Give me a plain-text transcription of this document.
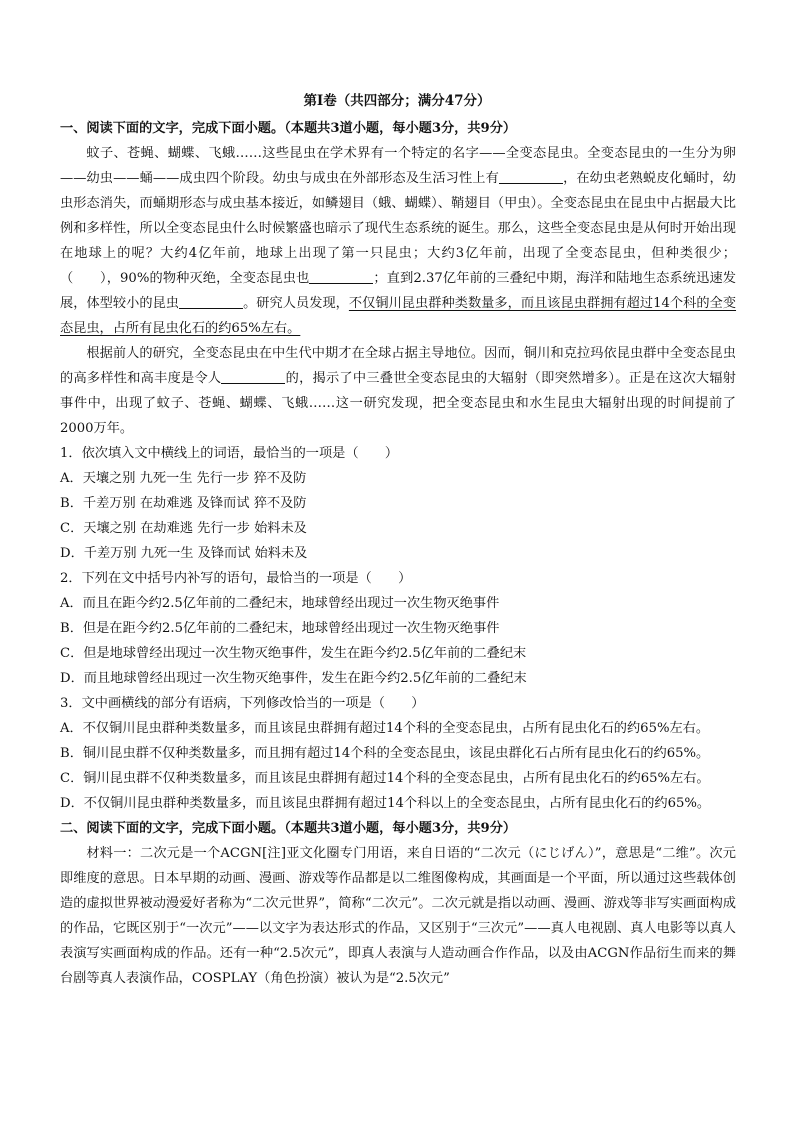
第Ⅰ卷（共四部分；满分47分）
一、阅读下面的文字，完成下面小题。（本题共3道小题，每小题3分，共9分）

蚊子、苍蝇、蝴蝶、飞蛾……这些昆虫在学术界有一个特定的名字——全变态昆虫。全变态昆虫的一生分为卵——幼虫——蛹——成虫四个阶段。幼虫与成虫在外部形态及生活习性上有	，在幼虫老熟蜕皮化蛹时，幼虫形态消失，而蛹期形态与成虫基本接近，如鳞翅目（蛾、蝴蝶）、鞘翅目（甲虫）。全变态昆虫在昆虫中占据最大比例和多样性，所以全变态昆虫什么时候繁盛也暗示了现代生态系统的诞生。那么，这些全变态昆虫是从何时开始出现在地球上的呢？大约4亿年前，地球上出现了第一只昆虫；大约3亿年前，出现了全变态昆虫，但种类很少；（　　），90%的物种灭绝，全变态昆虫也	；直到2.37亿年前的三叠纪中期，海洋和陆地生态系统迅速发展，体型较小的昆虫	。研究人员发现，不仅铜川昆虫群种类数量多，而且该昆虫群拥有超过14个科的全变态昆虫，占所有昆虫化石的约65%左右。

根据前人的研究，全变态昆虫在中生代中期才在全球占据主导地位。因而，铜川和克拉玛依昆虫群中全变态昆虫的高多样性和高丰度是令人	的，揭示了中三叠世全变态昆虫的大辐射（即突然增多）。正是在这次大辐射事件中，出现了蚊子、苍蝇、蝴蝶、飞蛾……这一研究发现，把全变态昆虫和水生昆虫大辐射出现的时间提前了2000万年。

1．依次填入文中横线上的词语，最恰当的一项是（　　）

A．天壤之别 九死一生 先行一步 猝不及防

B．千差万别 在劫难逃 及锋而试 猝不及防

C．天壤之别 在劫难逃 先行一步 始料未及

D．千差万别 九死一生 及锋而试 始料未及

2．下列在文中括号内补写的语句，最恰当的一项是（　　）

A．而且在距今约2.5亿年前的二叠纪末，地球曾经出现过一次生物灭绝事件

B．但是在距今约2.5亿年前的二叠纪末，地球曾经出现过一次生物灭绝事件

C．但是地球曾经出现过一次生物灭绝事件，发生在距今约2.5亿年前的二叠纪末

D．而且地球曾经出现过一次生物灭绝事件，发生在距今约2.5亿年前的二叠纪末

3．文中画横线的部分有语病，下列修改恰当的一项是（　　）

A．不仅铜川昆虫群种类数量多，而且该昆虫群拥有超过14个科的全变态昆虫，占所有昆虫化石的约65%左右。

B．铜川昆虫群不仅种类数量多，而且拥有超过14个科的全变态昆虫，该昆虫群化石占所有昆虫化石的约65%。

C．铜川昆虫群不仅种类数量多，而且该昆虫群拥有超过14个科的全变态昆虫，占所有昆虫化石的约65%左右。

D．不仅铜川昆虫群种类数量多，而且该昆虫群拥有超过14个科以上的全变态昆虫，占所有昆虫化石的约65%。

二、阅读下面的文字，完成下面小题。（本题共3道小题，每小题3分，共9分）

材料一：二次元是一个ACGN[注]亚文化圈专门用语，来自日语的“二次元（にじげん）”，意思是“二维”。次元即维度的意思。日本早期的动画、漫画、游戏等作品都是以二维图像构成，其画面是一个平面，所以通过这些载体创造的虚拟世界被动漫爱好者称为“二次元世界”，简称“二次元”。二次元就是指以动画、漫画、游戏等非写实画面构成的作品，它既区别于“一次元”——以文字为表达形式的作品，又区别于“三次元”——真人电视剧、真人电影等以真人表演写实画面构成的作品。还有一种“2.5次元”，即真人表演与人造动画合作作品，以及由ACGN作品衍生而来的舞台剧等真人表演作品，COSPLAY（角色扮演）被认为是“2.5次元”
